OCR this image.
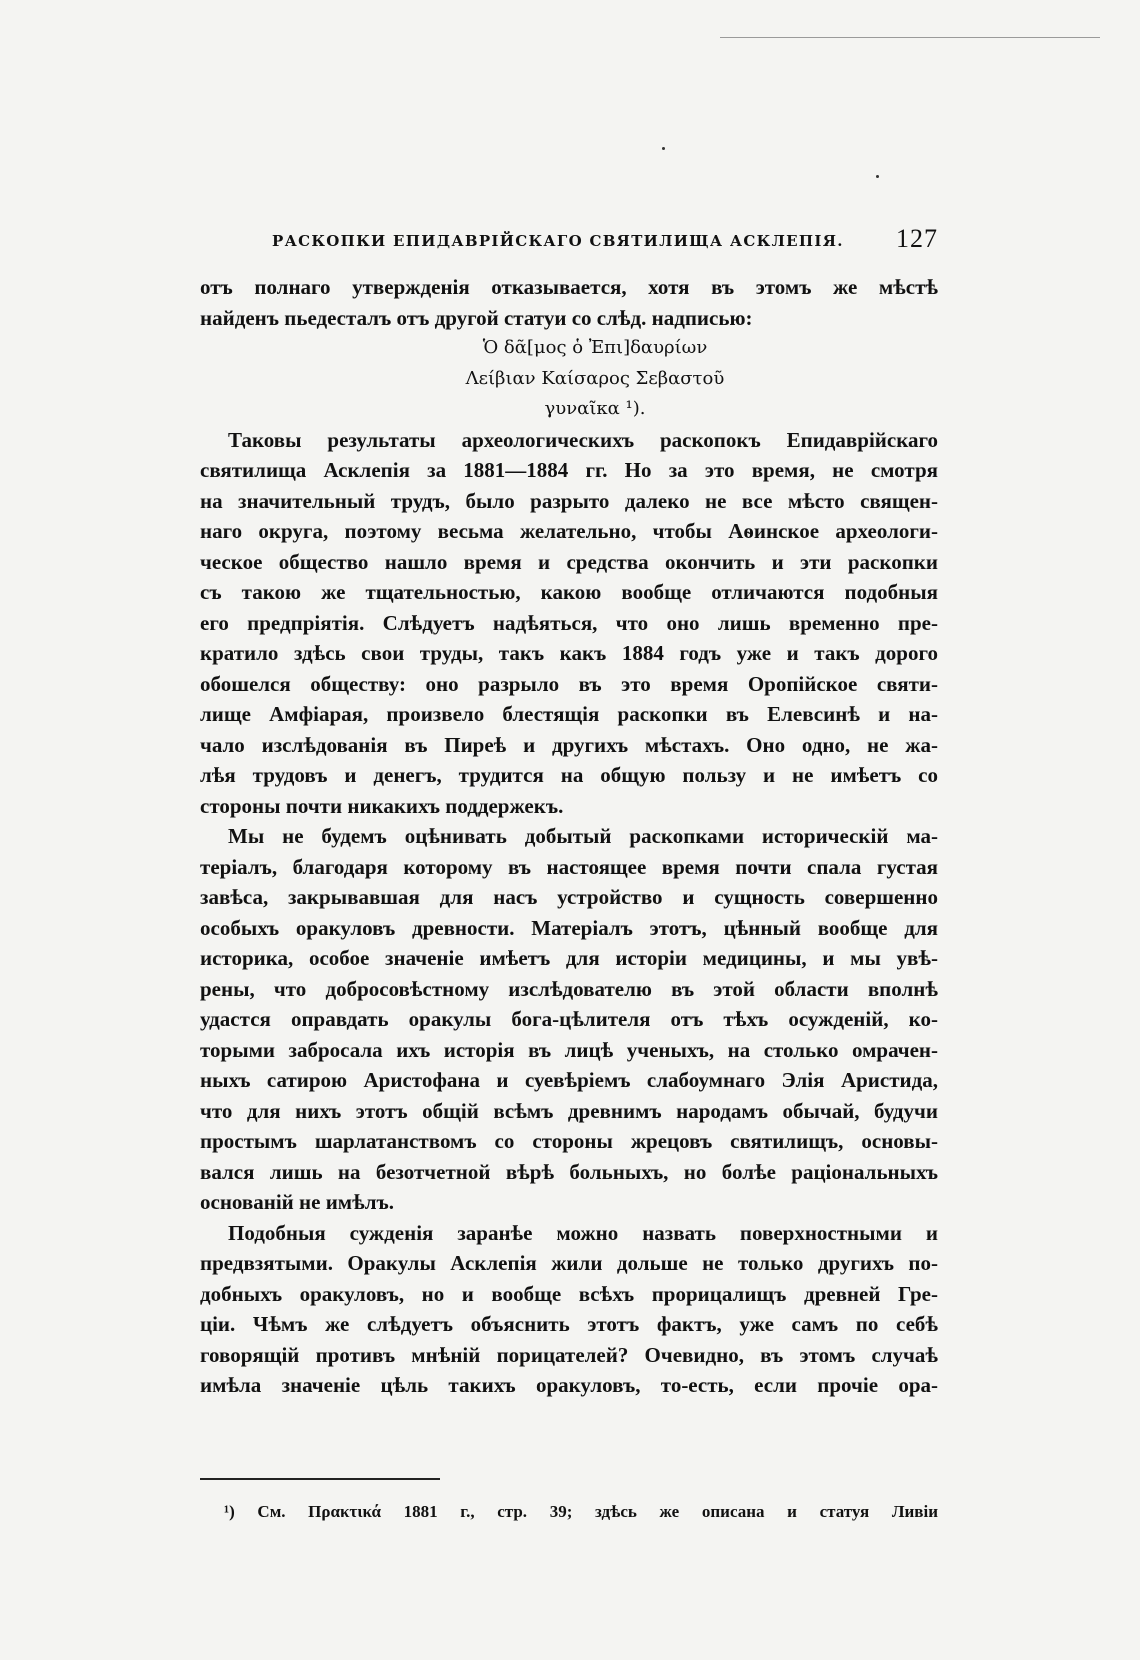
РАСКОПКИ ЕПИДАВРІЙСКАГО СВЯТИЛИЩА АСКЛЕПІЯ. 127
отъ полнаго утвержденія отказывается, хотя въ этомъ же мѣстѣ
найденъ пьедесталъ отъ другой статуи со слѣд. надписью:
Ὁ δᾶ[μος ὁ Ἐπι]δαυρίων
Λείβιαν Καίσαρος Σεβαστοῦ
γυναῖκα ¹).
Таковы результаты археологическихъ раскопокъ Епидаврійскаго
святилища Асклепія за 1881—1884 гг. Но за это время, не смотря
на значительный трудъ, было разрыто далеко не все мѣсто священ-
наго округа, поэтому весьма желательно, чтобы Аѳинское археологи-
ческое общество нашло время и средства окончить и эти раскопки
съ такою же тщательностью, какою вообще отличаются подобныя
его предпріятія. Слѣдуетъ надѣяться, что оно лишь временно пре-
кратило здѣсь свои труды, такъ какъ 1884 годъ уже и такъ дорого
обошелся обществу: оно разрыло въ это время Оропійское святи-
лище Амфіарая, произвело блестящія раскопки въ Елевсинѣ и на-
чало изслѣдованія въ Пиреѣ и другихъ мѣстахъ. Оно одно, не жа-
лѣя трудовъ и денегъ, трудится на общую пользу и не имѣетъ со
стороны почти никакихъ поддержекъ.
Мы не будемъ оцѣнивать добытый раскопками историческій ма-
теріалъ, благодаря которому въ настоящее время почти спала густая
завѣса, закрывавшая для насъ устройство и сущность совершенно
особыхъ оракуловъ древности. Матеріалъ этотъ, цѣнный вообще для
историка, особое значеніе имѣетъ для исторіи медицины, и мы увѣ-
рены, что добросовѣстному изслѣдователю въ этой области вполнѣ
удастся оправдать оракулы бога-цѣлителя отъ тѣхъ осужденій, ко-
торыми забросала ихъ исторія въ лицѣ ученыхъ, на столько омрачен-
ныхъ сатирою Аристофана и суевѣріемъ слабоумнаго Элія Аристида,
что для нихъ этотъ общій всѣмъ древнимъ народамъ обычай, будучи
простымъ шарлатанствомъ со стороны жрецовъ святилищъ, основы-
вался лишь на безотчетной вѣрѣ больныхъ, но болѣе раціональныхъ
основаній не имѣлъ.
Подобныя сужденія заранѣе можно назвать поверхностными и
предвзятыми. Оракулы Асклепія жили дольше не только другихъ по-
добныхъ оракуловъ, но и вообще всѣхъ прорицалищъ древней Гре-
ціи. Чѣмъ же слѣдуетъ объяснить этотъ фактъ, уже самъ по себѣ
говорящій противъ мнѣній порицателей? Очевидно, въ этомъ случаѣ
имѣла значеніе цѣль такихъ оракуловъ, то-есть, если прочіе ора-
¹) См. Πρακτικά 1881 г., стр. 39; здѣсь же описана и статуя Ливіи
